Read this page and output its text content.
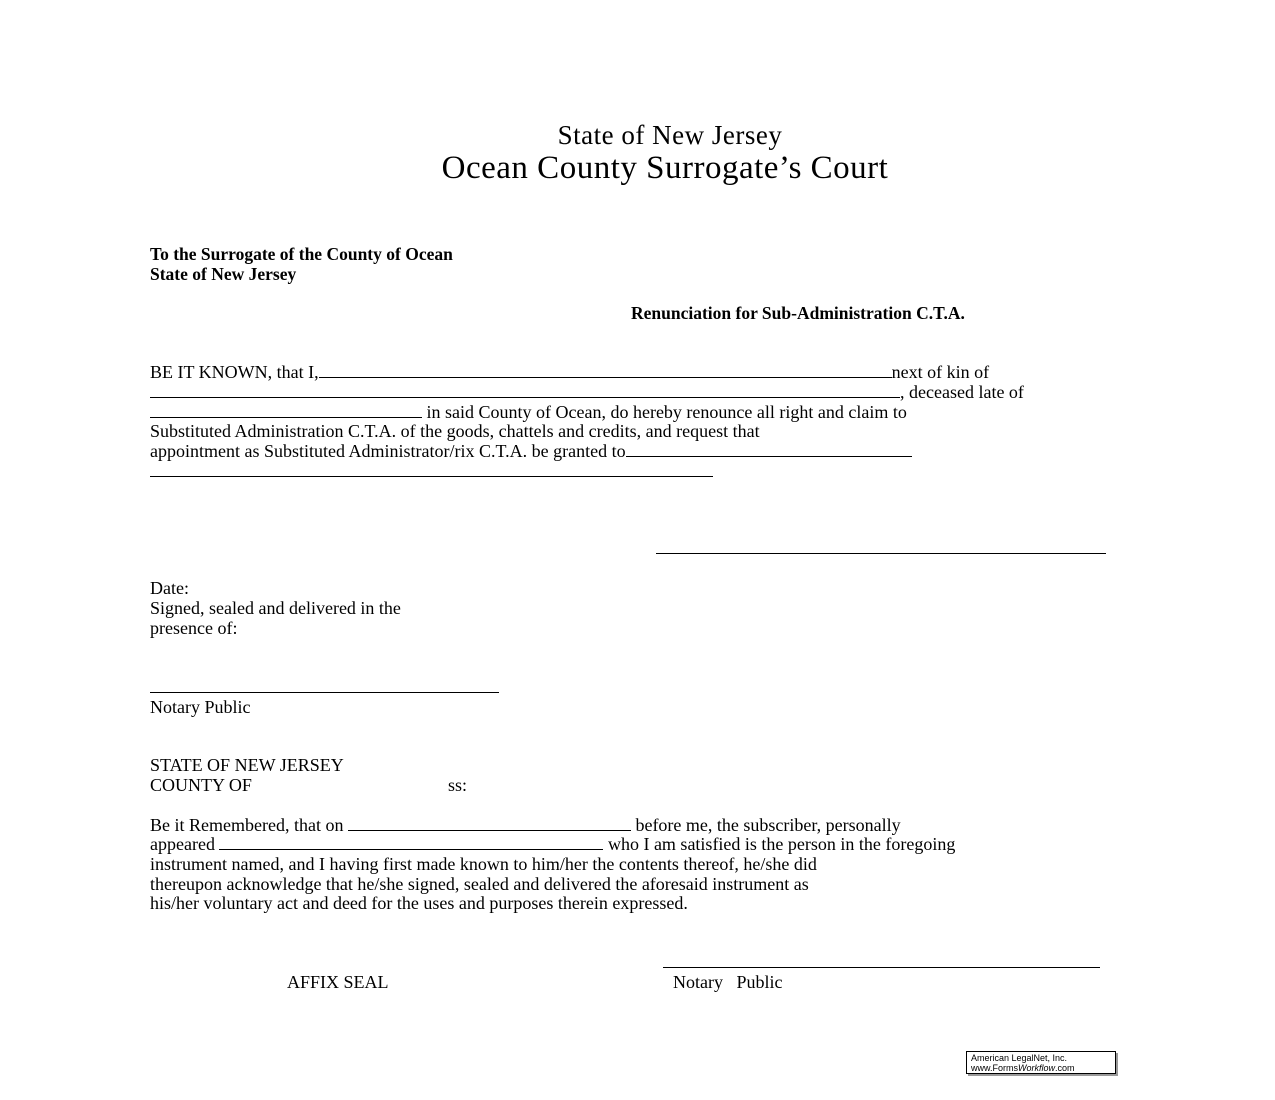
State of New Jersey
Ocean County Surrogate’s Court
To the Surrogate of the County of Ocean
State of New Jersey
Renunciation for Sub-Administration C.T.A.
BE IT KNOWN, that I,	next of kin of
, deceased late of
in said County of Ocean, do hereby renounce all right and claim to
Substituted Administration C.T.A. of the goods, chattels and credits, and request that
appointment as Substituted Administrator/rix C.T.A. be granted to
Date:
Signed, sealed and delivered in the
presence of:
Notary Public
STATE OF NEW JERSEY
COUNTY OF	ss:
Be it Remembered, that on	before me, the subscriber, personally
appeared	who I am satisfied is the person in the foregoing
instrument named, and I having first made known to him/her the contents thereof, he/she did
thereupon acknowledge that he/she signed, sealed and delivered the aforesaid instrument as
his/her voluntary act and deed for the uses and purposes therein expressed.
AFFIX SEAL	Notary   Public
American LegalNet, Inc.
www.FormsWorkflow.com
